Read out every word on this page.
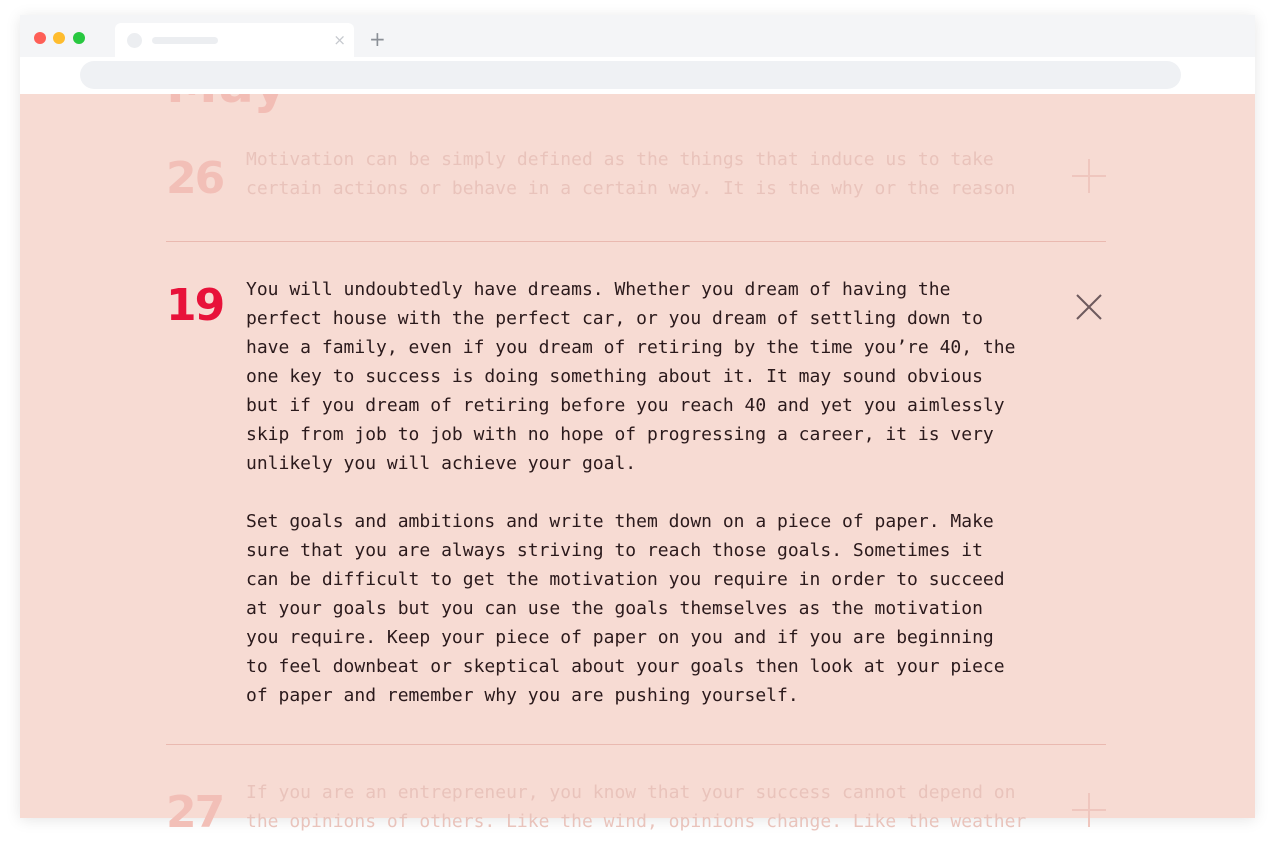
26 Motivation can be simply defined as the things that induce us to take
certain actions or behave in a certain way. It is the why or the reason
19 You will undoubtedly have dreams. Whether you dream of having the perfect house with the perfect car, or you dream of settling down to have a family, even if you dream of retiring by the time you’re 40, the one key to success is doing something about it. It may sound obvious but if you dream of retiring before you reach 40 and yet you aimlessly skip from job to job with no hope of progressing a career, it is very unlikely you will achieve your goal.

Set goals and ambitions and write them down on a piece of paper. Make sure that you are always striving to reach those goals. Sometimes it can be difficult to get the motivation you require in order to succeed at your goals but you can use the goals themselves as the motivation you require. Keep your piece of paper on you and if you are beginning to feel downbeat or skeptical about your goals then look at your piece of paper and remember why you are pushing yourself.

27 If you are an entrepreneur, you know that your success cannot depend on
the opinions of others. Like the wind, opinions change. Like the weather
× +
